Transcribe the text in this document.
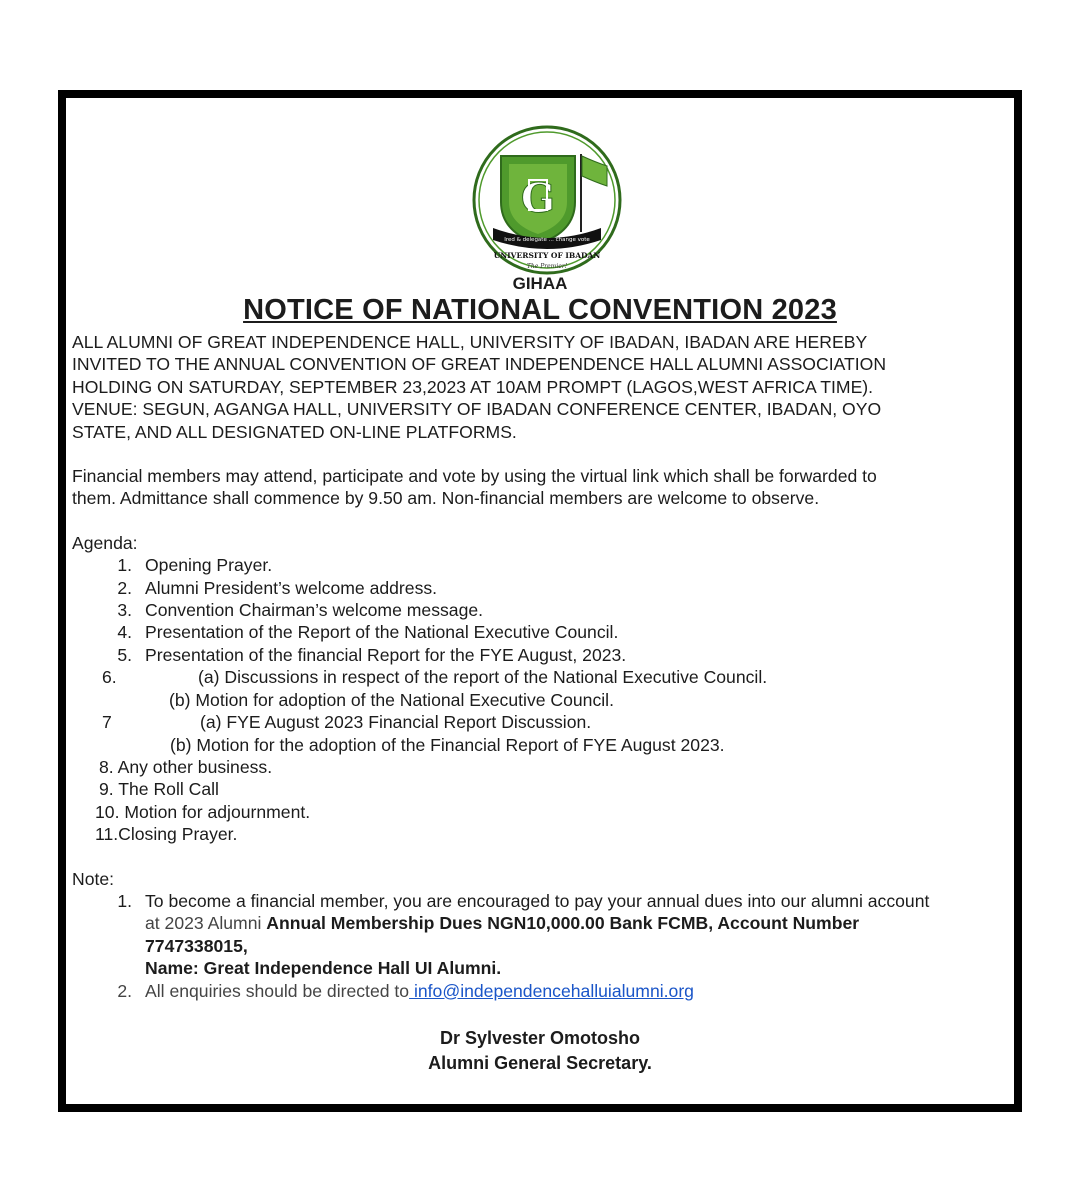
G
Ired & delegate ... change vote
UNIVERSITY OF IBADAN
The Premier!
GIHAA
NOTICE OF NATIONAL CONVENTION 2023

ALL ALUMNI OF GREAT INDEPENDENCE HALL, UNIVERSITY OF IBADAN, IBADAN ARE HEREBY

INVITED TO THE ANNUAL CONVENTION OF GREAT INDEPENDENCE HALL ALUMNI ASSOCIATION

HOLDING ON SATURDAY, SEPTEMBER 23,2023 AT 10AM PROMPT (LAGOS,WEST AFRICA TIME).

VENUE: SEGUN, AGANGA HALL, UNIVERSITY OF IBADAN CONFERENCE CENTER, IBADAN, OYO

STATE, AND ALL DESIGNATED ON-LINE PLATFORMS.

Financial members may attend, participate and vote by using the virtual link which shall be forwarded to

them. Admittance shall commence by 9.50 am. Non-financial members are welcome to observe.

Agenda:

1. Opening Prayer.
2. Alumni President’s welcome address.
3. Convention Chairman’s welcome message.
4. Presentation of the Report of the National Executive Council.
5. Presentation of the financial Report for the FYE August, 2023.
6.	(a) Discussions in respect of the report of the National Executive Council.

(b) Motion for adoption of the National Executive Council.

7	(a) FYE August 2023 Financial Report Discussion.

(b) Motion for the adoption of the Financial Report of FYE August 2023.

8. Any other business.

9. The Roll Call

10. Motion for adjournment.

11.Closing Prayer.

Note:

1. To become a financial member, you are encouraged to pay your annual dues into our alumni account

at 2023 Alumni Annual Membership Dues NGN10,000.00 Bank FCMB, Account Number

7747338015,

Name: Great Independence Hall UI Alumni.

2. All enquiries should be directed to info@independencehalluialumni.org
Dr Sylvester Omotosho
Alumni General Secretary.
